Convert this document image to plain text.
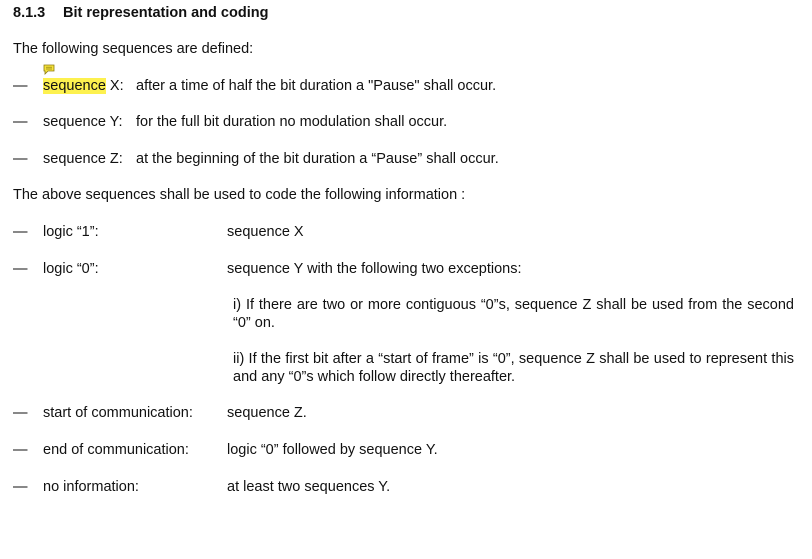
8.1.3 Bit representation and coding
The following sequences are defined:
— sequence X: after a time of half the bit duration a "Pause" shall occur.
— sequence Y: for the full bit duration no modulation shall occur.
— sequence Z: at the beginning of the bit duration a “Pause” shall occur.
The above sequences shall be used to code the following information :
— logic “1”:	sequence X
— logic “0”:	sequence Y with the following two exceptions:
i) If there are two or more contiguous “0”s, sequence Z shall be used from the second “0” on.
ii) If the first bit after a “start of frame” is “0”, sequence Z shall be used to represent this and any “0”s which follow directly thereafter.
— start of communication: sequence Z.
— end of communication:	logic “0” followed by sequence Y.
— no information:	at least two sequences Y.
